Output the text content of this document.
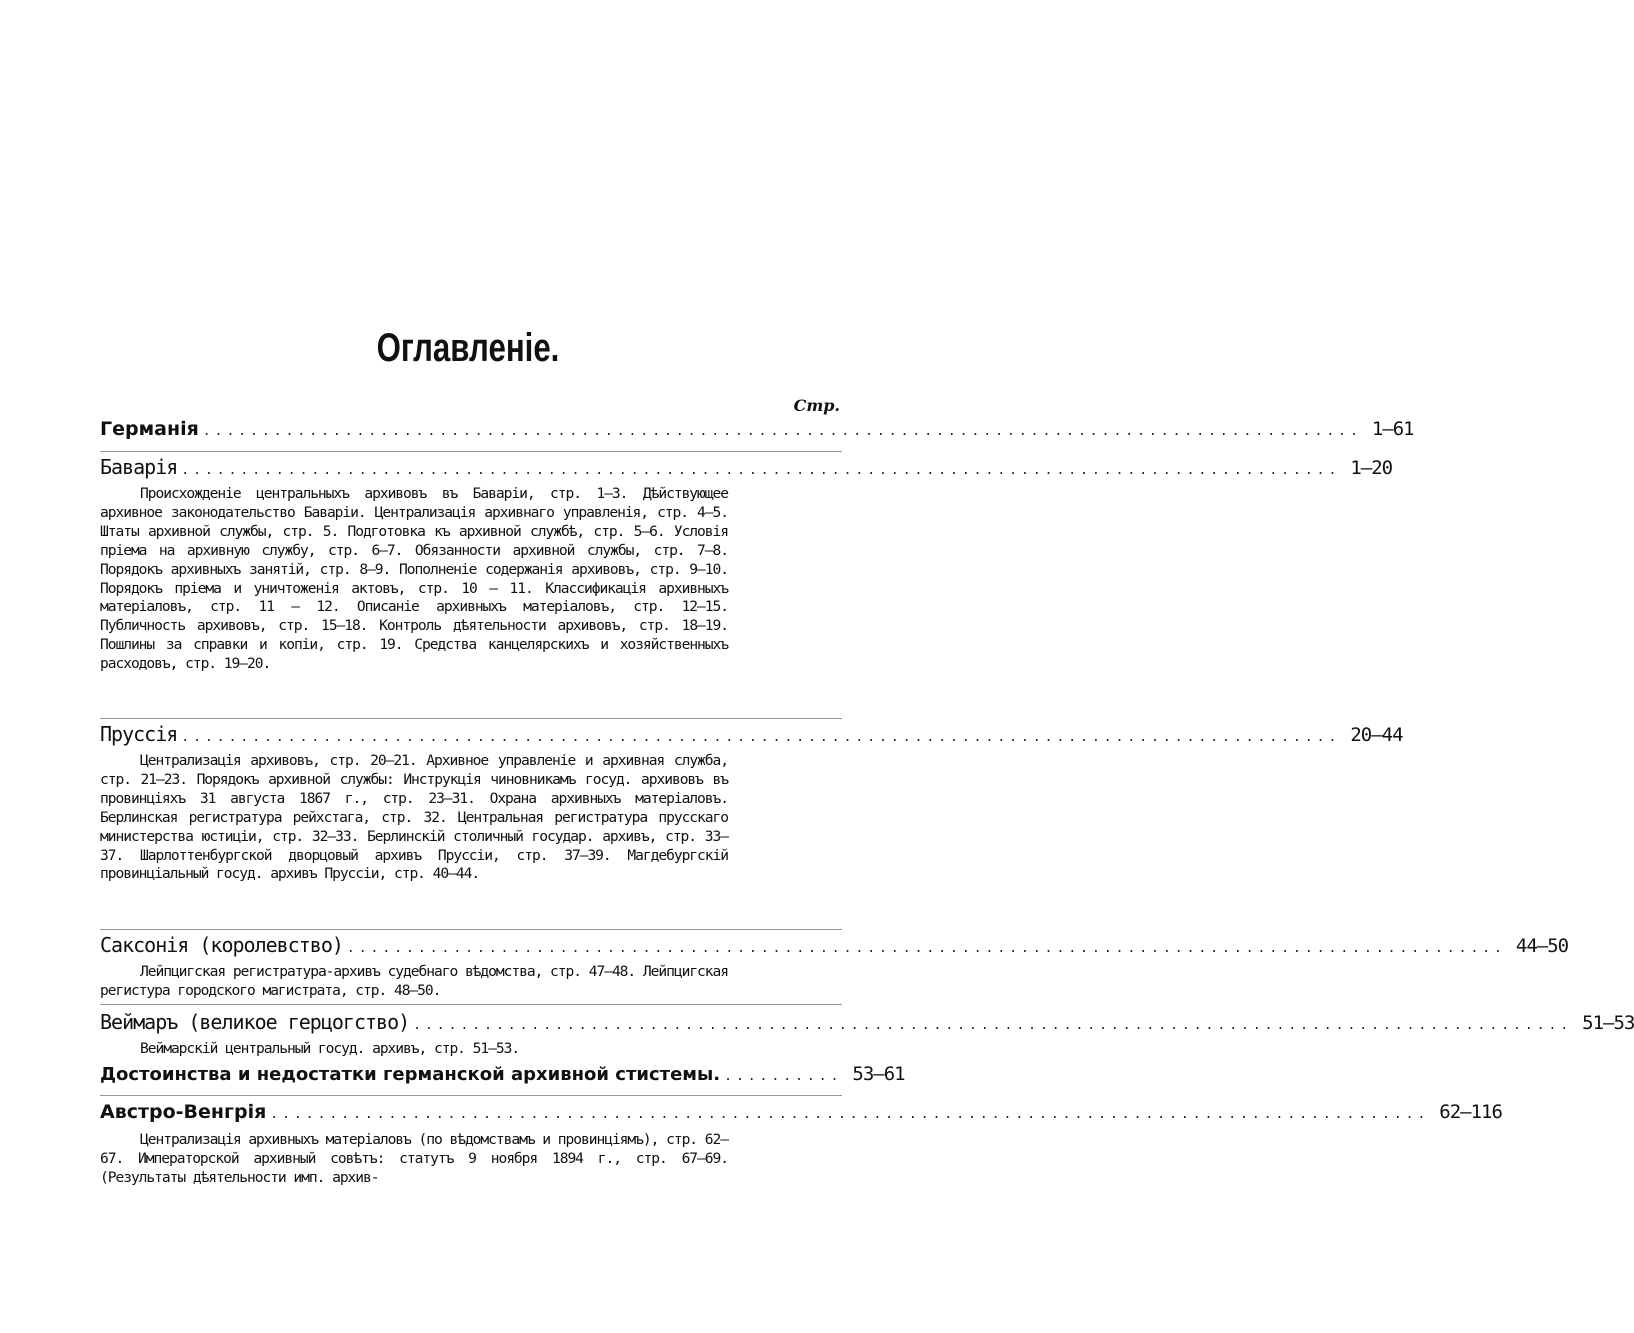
Оглавленіе.
Стр.
Германія .................................................................................................. 1—61
Баварія .................................................................................................. 1—20
Происхожденіе центральныхъ архивовъ въ Баваріи, стр. 1—3. Дѣйствующее архивное законодательство Баваріи. Централизація архивнаго управленія, стр. 4—5. Штаты архивной службы, стр. 5. Подготовка къ архивной службѣ, стр. 5—6. Условія пріема на архивную службу, стр. 6—7. Обязанности архивной службы, стр. 7—8. Порядокъ архивныхъ занятій, стр. 8—9. Пополненіе содержанія архивовъ, стр. 9—10. Порядокъ пріема и уничтоженія актовъ, стр. 10 — 11. Классификація архивныхъ матеріаловъ, стр. 11 — 12. Описаніе архивныхъ матеріаловъ, стр. 12—15. Публичность архивовъ, стр. 15—18. Контроль дѣятельности архивовъ, стр. 18—19. Пошлины за справки и копіи, стр. 19. Средства канцелярскихъ и хозяйственныхъ расходовъ, стр. 19—20.
Пруссія .................................................................................................. 20—44
Централизація архивовъ, стр. 20—21. Архивное управленіе и архивная служба, стр. 21—23. Порядокъ архивной службы: Инструкція чиновникамъ госуд. архивовъ въ провинціяхъ 31 августа 1867 г., стр. 23—31. Охрана архивныхъ матеріаловъ. Берлинская регистратура рейхстага, стр. 32. Центральная регистратура прусскаго министерства юстиціи, стр. 32—33. Берлинскій столичный государ. архивъ, стр. 33—37. Шарлоттенбургской дворцовый архивъ Пруссіи, стр. 37—39. Магдебургскій провинціальный госуд. архивъ Пруссіи, стр. 40—44.
Саксонія (королевство) .................................................................................................. 44—50
Лейпцигская регистратура-архивъ судебнаго вѣдомства, стр. 47—48. Лейпцигская регистура городского магистрата, стр. 48—50.
Веймаръ (великое герцогство) .................................................................................................. 51—53
Веймарскій центральный госуд. архивъ, стр. 51—53.
Достоинства и недостатки германской архивной стистемы. .......... 53—61
Австро-Венгрія .................................................................................................. 62—116
Централизація архивныхъ матеріаловъ (по вѣдомствамъ и провинціямъ), стр. 62—67. Императорской архивный совѣтъ: статутъ 9 ноября 1894 г., стр. 67—69. (Результаты дѣятельности имп. архив-
